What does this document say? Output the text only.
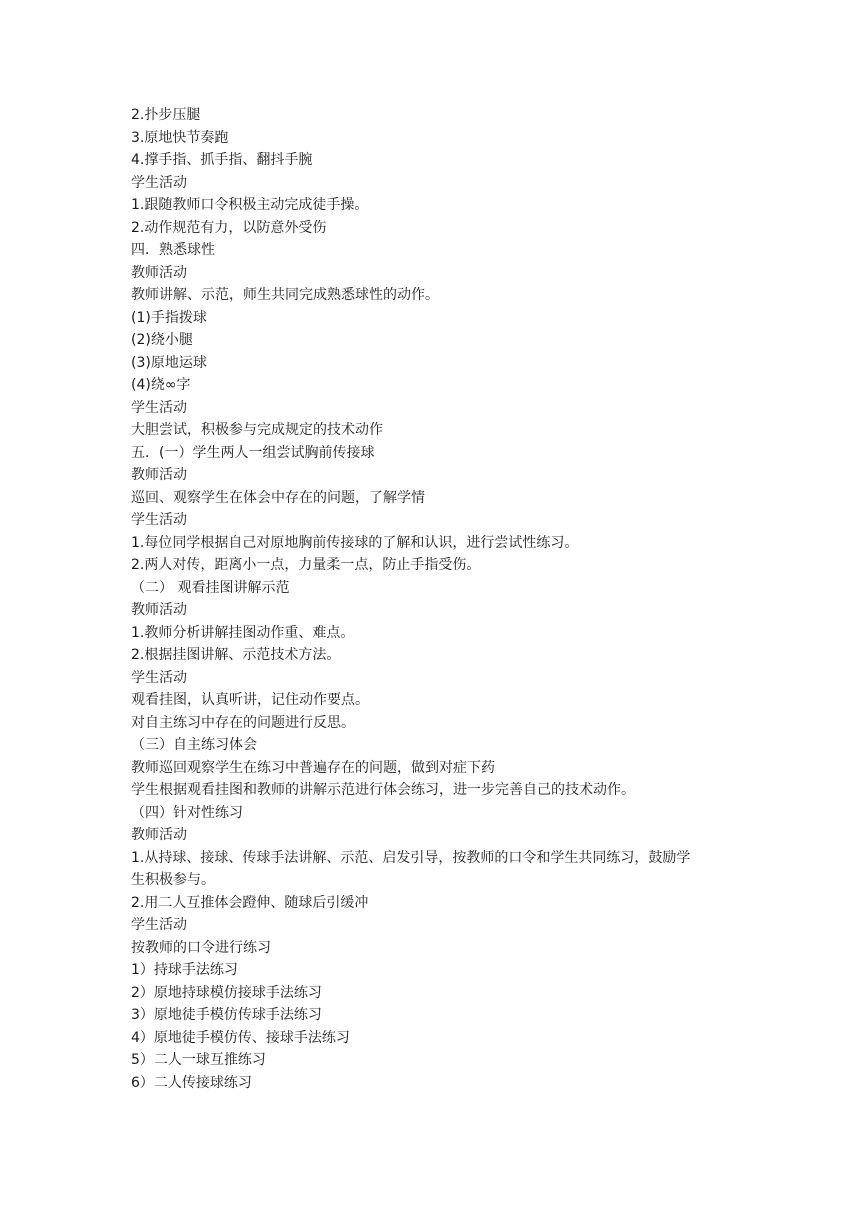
2.扑步压腿
3.原地快节奏跑
4.撑手指、抓手指、翻抖手腕
学生活动
1.跟随教师口令积极主动完成徒手操。
2.动作规范有力，以防意外受伤
四．熟悉球性
教师活动
教师讲解、示范，师生共同完成熟悉球性的动作。
(1)手指拨球
(2)绕小腿
(3)原地运球
(4)绕∞字
学生活动
大胆尝试，积极参与完成规定的技术动作
五．(一）学生两人一组尝试胸前传接球
教师活动
巡回、观察学生在体会中存在的问题，了解学情
学生活动
1.每位同学根据自己对原地胸前传接球的了解和认识，进行尝试性练习。
2.两人对传，距离小一点，力量柔一点，防止手指受伤。
（二） 观看挂图讲解示范
教师活动
1.教师分析讲解挂图动作重、难点。
2.根据挂图讲解、示范技术方法。
学生活动
观看挂图，认真听讲，记住动作要点。
对自主练习中存在的问题进行反思。
（三）自主练习体会
教师巡回观察学生在练习中普遍存在的问题，做到对症下药
学生根据观看挂图和教师的讲解示范进行体会练习，进一步完善自己的技术动作。
（四）针对性练习
教师活动
1.从持球、接球、传球手法讲解、示范、启发引导，按教师的口令和学生共同练习，鼓励学
生积极参与。
2.用二人互推体会蹬伸、随球后引缓冲
学生活动
按教师的口令进行练习
1）持球手法练习
2）原地持球模仿接球手法练习
3）原地徒手模仿传球手法练习
4）原地徒手模仿传、接球手法练习
5）二人一球互推练习
6）二人传接球练习
